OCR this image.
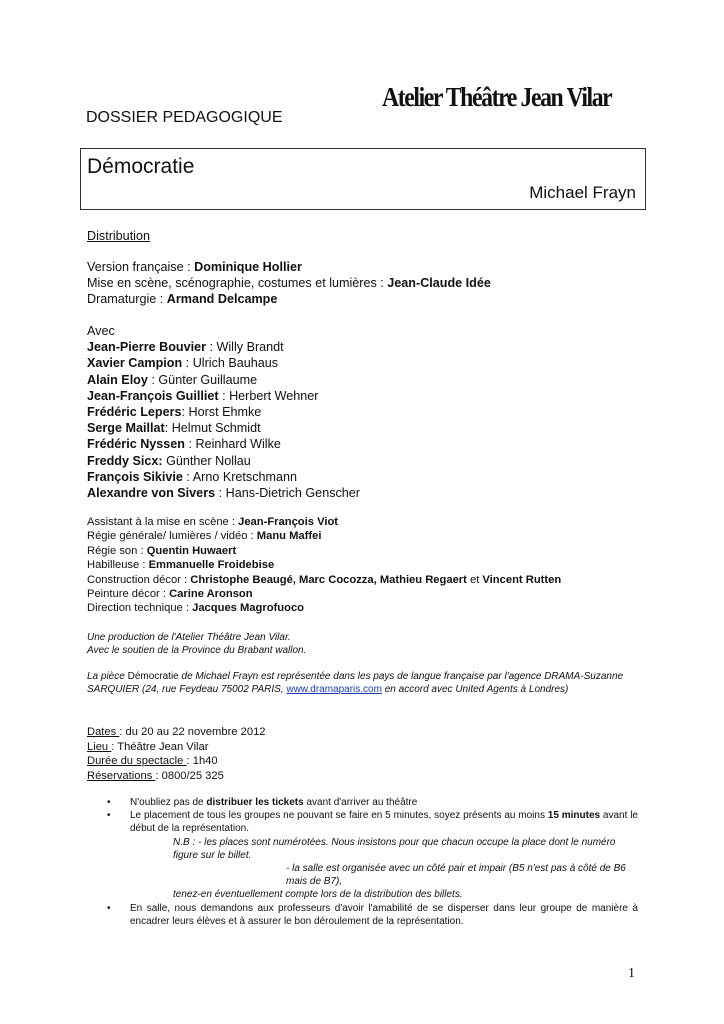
Atelier Théâtre Jean Vilar
DOSSIER PEDAGOGIQUE
Démocratie
Michael Frayn
Distribution
Version française : Dominique Hollier
Mise en scène, scénographie, costumes et lumières : Jean-Claude Idée
Dramaturgie : Armand Delcampe
Avec
Jean-Pierre Bouvier : Willy Brandt
Xavier Campion : Ulrich Bauhaus
Alain Eloy : Günter Guillaume
Jean-François Guilliet : Herbert Wehner
Frédéric Lepers: Horst Ehmke
Serge Maillat: Helmut Schmidt
Frédéric Nyssen : Reinhard Wilke
Freddy Sicx: Günther Nollau
François Sikivie : Arno Kretschmann
Alexandre von Sivers : Hans-Dietrich Genscher
Assistant à la mise en scène : Jean-François Viot
Régie générale/ lumières / vidéo : Manu Maffei
Régie son : Quentin Huwaert
Habilleuse : Emmanuelle Froidebise
Construction décor : Christophe Beaugé, Marc Cocozza, Mathieu Regaert et Vincent Rutten
Peinture décor : Carine Aronson
Direction technique : Jacques Magrofuoco
Une production de l'Atelier Théâtre Jean Vilar.
Avec le soutien de la Province du Brabant wallon.
La pièce Démocratie de Michael Frayn est représentée dans les pays de langue française par l'agence DRAMA-Suzanne SARQUIER (24, rue Feydeau 75002 PARIS, www.dramaparis.com en accord avec United Agents à Londres)
Dates : du 20 au 22 novembre 2012
Lieu : Théâtre Jean Vilar
Durée du spectacle : 1h40
Réservations : 0800/25 325
• N'oubliez pas de distribuer les tickets avant d'arriver au théâtre
• Le placement de tous les groupes ne pouvant se faire en 5 minutes, soyez présents au moins 15 minutes avant le début de la représentation.
N.B : - les places sont numérotées. Nous insistons pour que chacun occupe la place dont le numéro figure sur le billet.
- la salle est organisée avec un côté pair et impair (B5 n'est pas à côté de B6 mais de B7),
tenez-en éventuellement compte lors de la distribution des billets.
• En salle, nous demandons aux professeurs d'avoir l'amabilité de se disperser dans leur groupe de manière à encadrer leurs élèves et à assurer le bon déroulement de la représentation.
1
